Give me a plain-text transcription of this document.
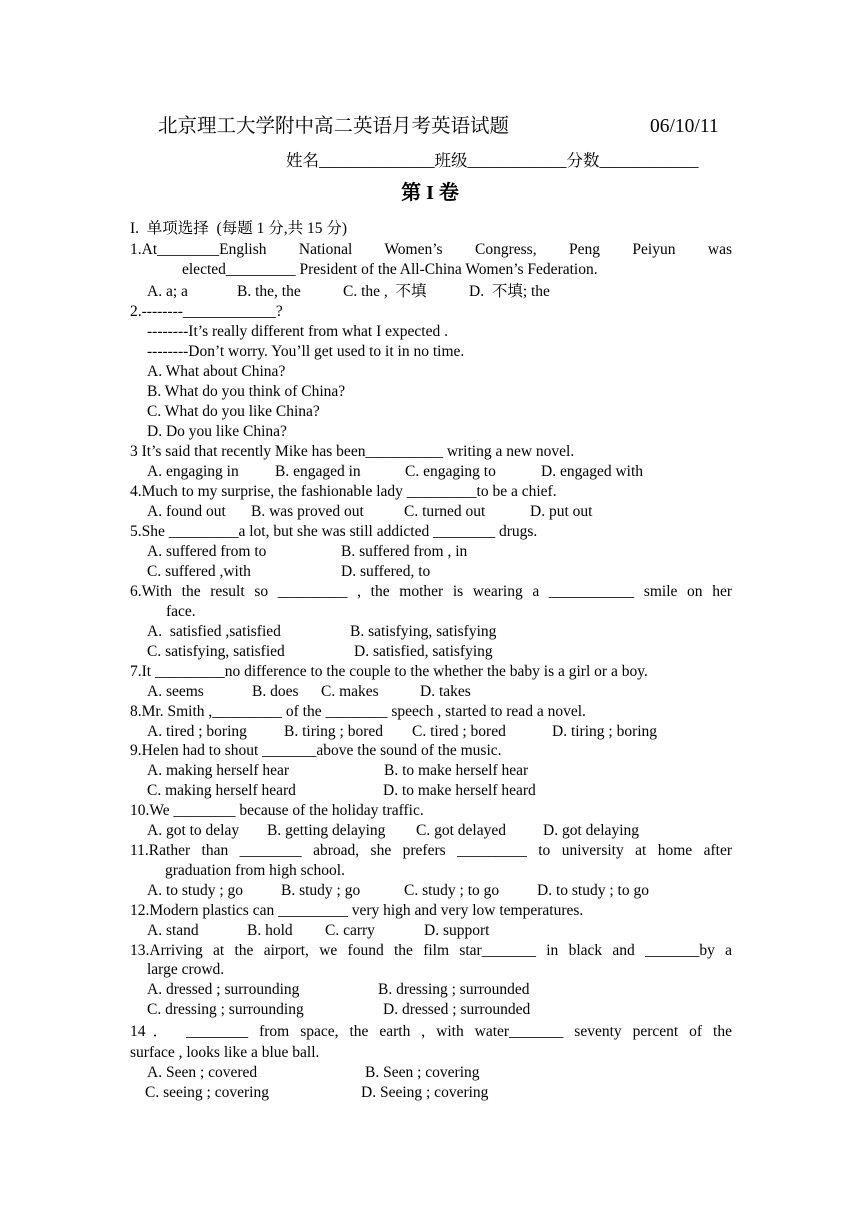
北京理工大学附中高二英语月考英语试题	06/10/11
姓名______________班级____________分数____________
第 I 卷
I.  单项选择  (每题 1 分,共 15 分)
1.At________English National Women’s Congress, Peng Peiyun was
elected_________ President of the All-China Women’s Federation.

A. a; a

	B. the, the

	C. the ,  不填

	D.  不填; the

2.--------____________?
--------It’s really different from what I expected .
--------Don’t worry. You’ll get used to it in no time.
A. What about China?
B. What do you think of China?
C. What do you like China?
D. Do you like China?
3 It’s said that recently Mike has been__________ writing a new novel.

A. engaging in

B. engaged in

	C. engaging to

	D. engaged with

4.Much to my surprise, the fashionable lady _________to be a chief.

A. found out

B. was proved out

	C. turned out

	D. put out

5.She _________a lot, but she was still addicted ________ drugs.

A. suffered from to

	B. suffered from , in

C. suffered ,with

	D. suffered, to

6.With the result so _________ , the mother is wearing a ___________ smile on her
face.

A.  satisfied ,satisfied

	B. satisfying, satisfying

C. satisfying, satisfied

	D. satisfied, satisfying

7.It _________no difference to the couple to the whether the baby is a girl or a boy.

A. seems

	B. does

C. makes

	D. takes

8.Mr. Smith ,_________ of the ________ speech , started to read a novel.

A. tired ; boring

B. tiring ; bored

C. tired ; bored

	D. tiring ; boring

9.Helen had to shout _______above the sound of the music.

A. making herself hear

	B. to make herself hear

C. making herself heard

	D. to make herself heard

10.We ________ because of the holiday traffic.

A. got to delay

B. getting delaying

C. got delayed

D. got delaying

11.Rather than ________ abroad, she prefers _________ to university at home after
graduation from high school.

A. to study ; go

B. study ; go

	C. study ; to go

D. to study ; to go

12.Modern plastics can _________ very high and very low temperatures.

A. stand

	B. hold

C. carry

	D. support

13.Arriving at the airport, we found the film star_______ in black and _______by a
large crowd.

A. dressed ; surrounding

	B. dressing ; surrounded

C. dressing ; surrounding

	D. dressed ; surrounded

14． ________ from space, the earth , with water_______ seventy percent of the
surface , looks like a blue ball.

A. Seen ; covered

	B. Seen ; covering

C. seeing ; covering

	D. Seeing ; covering
